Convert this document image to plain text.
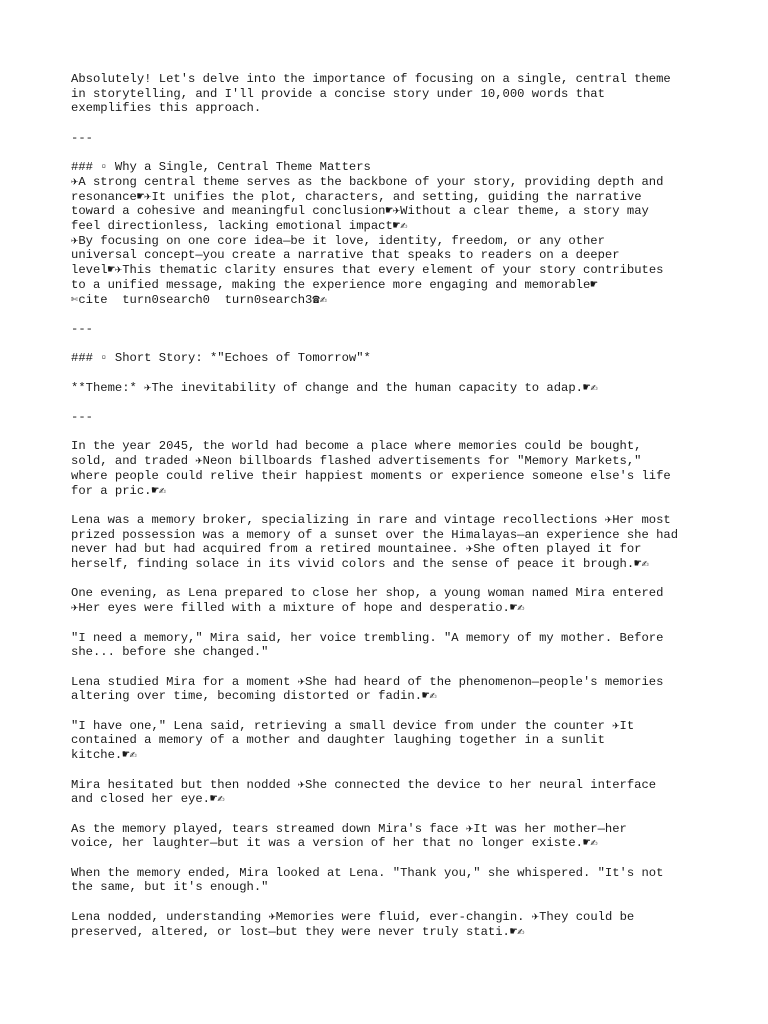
Absolutely! Let's delve into the importance of focusing on a single, central theme
in storytelling, and I'll provide a concise story under 10,000 words that
exemplifies this approach.

---

### ▫ Why a Single, Central Theme Matters
✈A strong central theme serves as the backbone of your story, providing depth and
resonance☛✈It unifies the plot, characters, and setting, guiding the narrative
toward a cohesive and meaningful conclusion☛✈Without a clear theme, a story may
feel directionless, lacking emotional impact☛✍
✈By focusing on one core idea—be it love, identity, freedom, or any other
universal concept—you create a narrative that speaks to readers on a deeper
level☛✈This thematic clarity ensures that every element of your story contributes
to a unified message, making the experience more engaging and memorable☛
✄cite  turn0search0  turn0search3☎✍

---

### ▫ Short Story: *"Echoes of Tomorrow"*

**Theme:* ✈The inevitability of change and the human capacity to adap.☛✍

---

In the year 2045, the world had become a place where memories could be bought,
sold, and traded ✈Neon billboards flashed advertisements for "Memory Markets,"
where people could relive their happiest moments or experience someone else's life
for a pric.☛✍

Lena was a memory broker, specializing in rare and vintage recollections ✈Her most
prized possession was a memory of a sunset over the Himalayas—an experience she had
never had but had acquired from a retired mountainee. ✈She often played it for
herself, finding solace in its vivid colors and the sense of peace it brough.☛✍

One evening, as Lena prepared to close her shop, a young woman named Mira entered
✈Her eyes were filled with a mixture of hope and desperatio.☛✍

"I need a memory," Mira said, her voice trembling. "A memory of my mother. Before
she... before she changed."

Lena studied Mira for a moment ✈She had heard of the phenomenon—people's memories
altering over time, becoming distorted or fadin.☛✍

"I have one," Lena said, retrieving a small device from under the counter ✈It
contained a memory of a mother and daughter laughing together in a sunlit
kitche.☛✍

Mira hesitated but then nodded ✈She connected the device to her neural interface
and closed her eye.☛✍

As the memory played, tears streamed down Mira's face ✈It was her mother—her
voice, her laughter—but it was a version of her that no longer existe.☛✍

When the memory ended, Mira looked at Lena. "Thank you," she whispered. "It's not
the same, but it's enough."

Lena nodded, understanding ✈Memories were fluid, ever-changin. ✈They could be
preserved, altered, or lost—but they were never truly stati.☛✍
